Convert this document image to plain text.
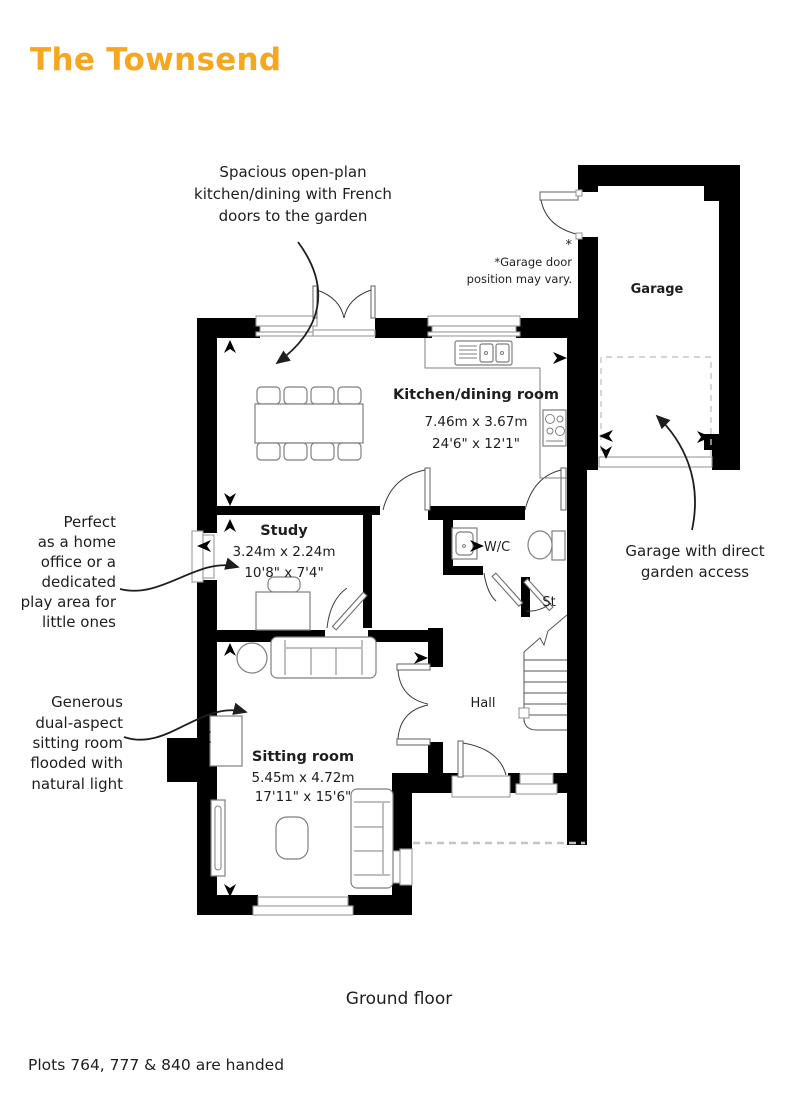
The Townsend
Spacious open-plan
kitchen/dining with French
doors to the garden
Perfect
as a home
office or a
dedicated
play area for
little ones
Generous
dual-aspect
sitting room
flooded with
natural light
Garage with direct
garden access
*
*Garage door
position may vary.
Kitchen/dining room
7.46m x 3.67m
24'6" x 12'1"
Study
3.24m x 2.24m
10'8" x 7'4"
Sitting room
5.45m x 4.72m
17'11" x 15'6"
W/C
St
Hall
Garage
Ground floor
Plots 764, 777 & 840 are handed
